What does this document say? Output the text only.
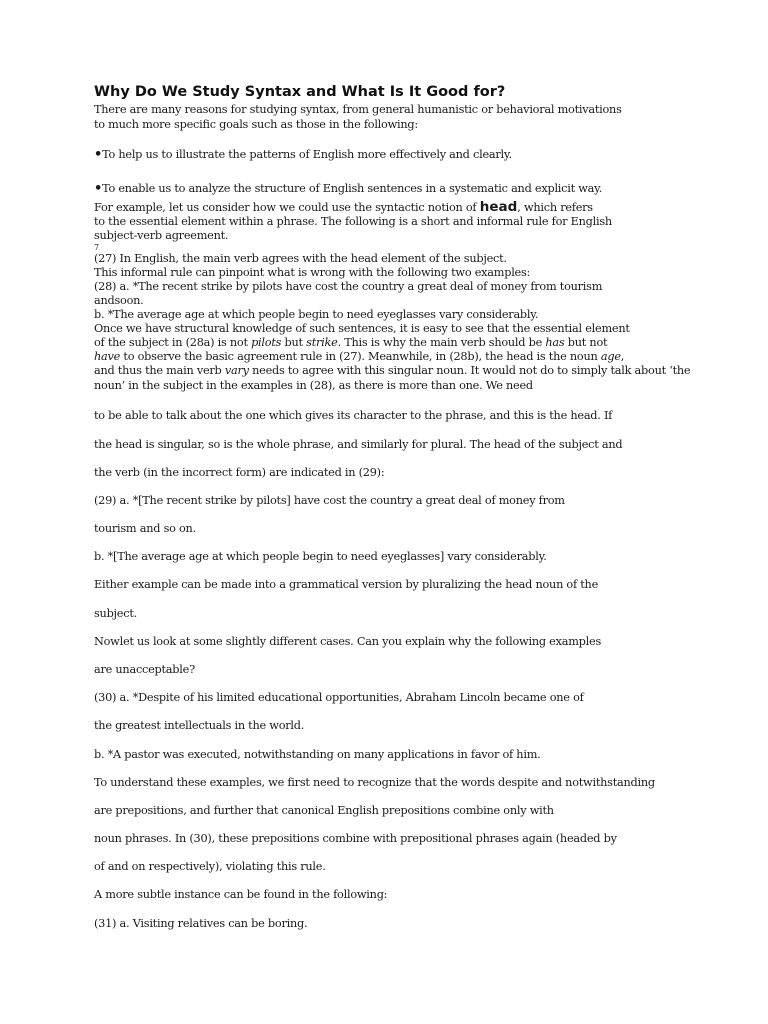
Why Do We Study Syntax and What Is It Good for?
There are many reasons for studying syntax, from general humanistic or behavioral motivations
to much more specific goals such as those in the following:
•To help us to illustrate the patterns of English more effectively and clearly.
•To enable us to analyze the structure of English sentences in a systematic and explicit way.
For example, let us consider how we could use the syntactic notion of head, which refers
to the essential element within a phrase. The following is a short and informal rule for English
subject-verb agreement.
7
(27) In English, the main verb agrees with the head element of the subject.
This informal rule can pinpoint what is wrong with the following two examples:
(28) a. *The recent strike by pilots have cost the country a great deal of money from tourism
andsoon.
b. *The average age at which people begin to need eyeglasses vary considerably.
Once we have structural knowledge of such sentences, it is easy to see that the essential element
of the subject in (28a) is not pilots but strike. This is why the main verb should be has but not
have to observe the basic agreement rule in (27). Meanwhile, in (28b), the head is the noun age,
and thus the main verb vary needs to agree with this singular noun. It would not do to simply talk about ‘the
noun’ in the subject in the examples in (28), as there is more than one. We need
to be able to talk about the one which gives its character to the phrase, and this is the head. If
the head is singular, so is the whole phrase, and similarly for plural. The head of the subject and
the verb (in the incorrect form) are indicated in (29):
(29) a. *[The recent strike by pilots] have cost the country a great deal of money from
tourism and so on.
b. *[The average age at which people begin to need eyeglasses] vary considerably.
Either example can be made into a grammatical version by pluralizing the head noun of the
subject.
Nowlet us look at some slightly different cases. Can you explain why the following examples
are unacceptable?
(30) a. *Despite of his limited educational opportunities, Abraham Lincoln became one of
the greatest intellectuals in the world.
b. *A pastor was executed, notwithstanding on many applications in favor of him.
To understand these examples, we first need to recognize that the words despite and notwithstanding
are prepositions, and further that canonical English prepositions combine only with
noun phrases. In (30), these prepositions combine with prepositional phrases again (headed by
of and on respectively), violating this rule.
A more subtle instance can be found in the following:
(31) a. Visiting relatives can be boring.
